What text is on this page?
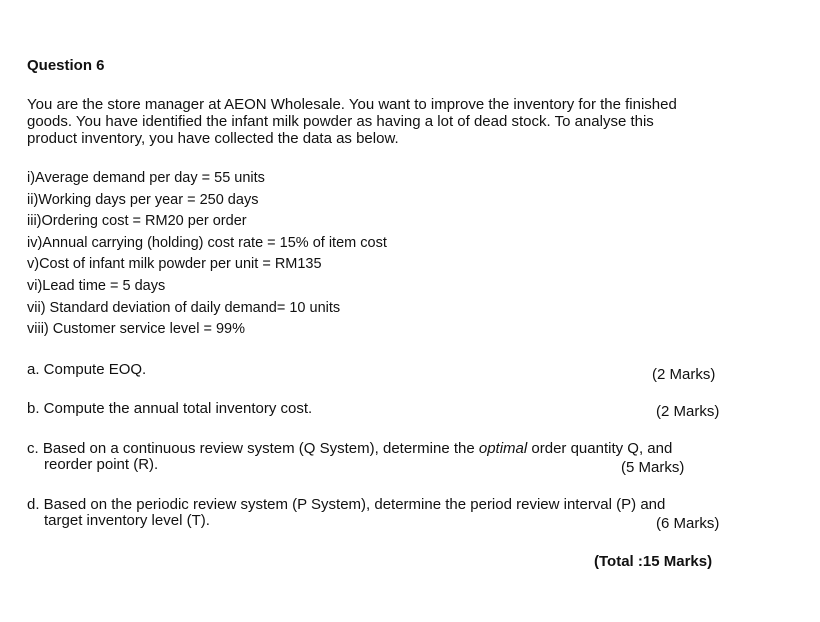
Question 6
You are the store manager at AEON Wholesale. You want to improve the inventory for the finished
goods. You have identified the infant milk powder as having a lot of dead stock. To analyse this
product inventory, you have collected the data as below.
i)Average demand per day = 55 units
ii)Working days per year = 250 days
iii)Ordering cost = RM20 per order
iv)Annual carrying (holding) cost rate = 15% of item cost
v)Cost of infant milk powder per unit = RM135
vi)Lead time = 5 days
vii) Standard deviation of daily demand= 10 units
viii) Customer service level = 99%
a. Compute EOQ.	(2 Marks)
b. Compute the annual total inventory cost.	(2 Marks)
c. Based on a continuous review system (Q System), determine the optimal order quantity Q, and
reorder point (R).	(5 Marks)
d. Based on the periodic review system (P System), determine the period review interval (P) and
target inventory level (T).	(6 Marks)
(Total :15 Marks)
